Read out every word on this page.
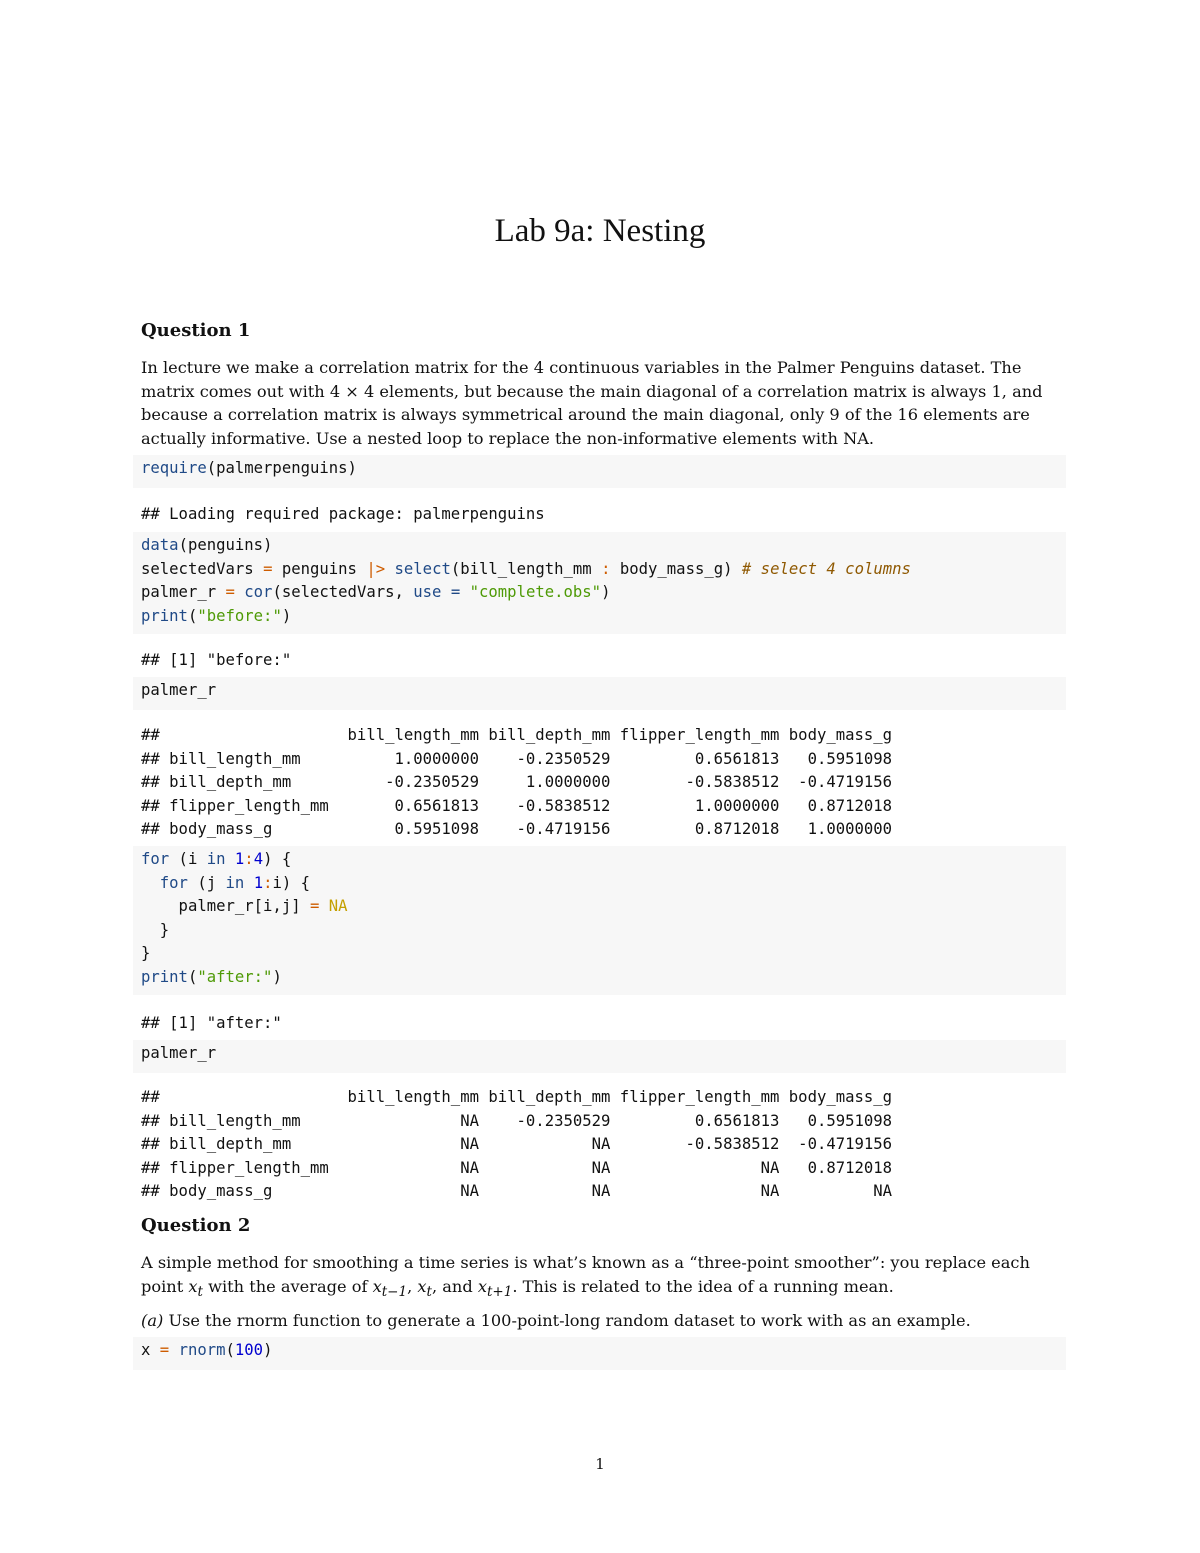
Lab 9a: Nesting
Question 1
In lecture we make a correlation matrix for the 4 continuous variables in the Palmer Penguins dataset. The
matrix comes out with 4 × 4 elements, but because the main diagonal of a correlation matrix is always 1, and
because a correlation matrix is always symmetrical around the main diagonal, only 9 of the 16 elements are
actually informative. Use a nested loop to replace the non-informative elements with NA.
require(palmerpenguins)
## Loading required package: palmerpenguins
data(penguins)
selectedVars = penguins |> select(bill_length_mm : body_mass_g) # select 4 columns
palmer_r = cor(selectedVars, use = "complete.obs")
print("before:")
## [1] "before:"
palmer_r
##                    bill_length_mm bill_depth_mm flipper_length_mm body_mass_g
## bill_length_mm          1.0000000    -0.2350529         0.6561813   0.5951098
## bill_depth_mm          -0.2350529     1.0000000        -0.5838512  -0.4719156
## flipper_length_mm       0.6561813    -0.5838512         1.0000000   0.8712018
## body_mass_g             0.5951098    -0.4719156         0.8712018   1.0000000
for (i in 1:4) {
for (j in 1:i) {
palmer_r[i,j] = NA
}
}
print("after:")
## [1] "after:"
palmer_r
##                    bill_length_mm bill_depth_mm flipper_length_mm body_mass_g
## bill_length_mm                 NA    -0.2350529         0.6561813   0.5951098
## bill_depth_mm                  NA            NA        -0.5838512  -0.4719156
## flipper_length_mm              NA            NA                NA   0.8712018
## body_mass_g                    NA            NA                NA          NA
Question 2
A simple method for smoothing a time series is what’s known as a “three-point smoother”: you replace each
point $x_t$ with the average of $x_{t-1}$, $x_t$, and $x_{t+1}$. This is related to the idea of a running mean.
(a) Use the rnorm function to generate a 100-point-long random dataset to work with as an example.
x = rnorm(100)
1
